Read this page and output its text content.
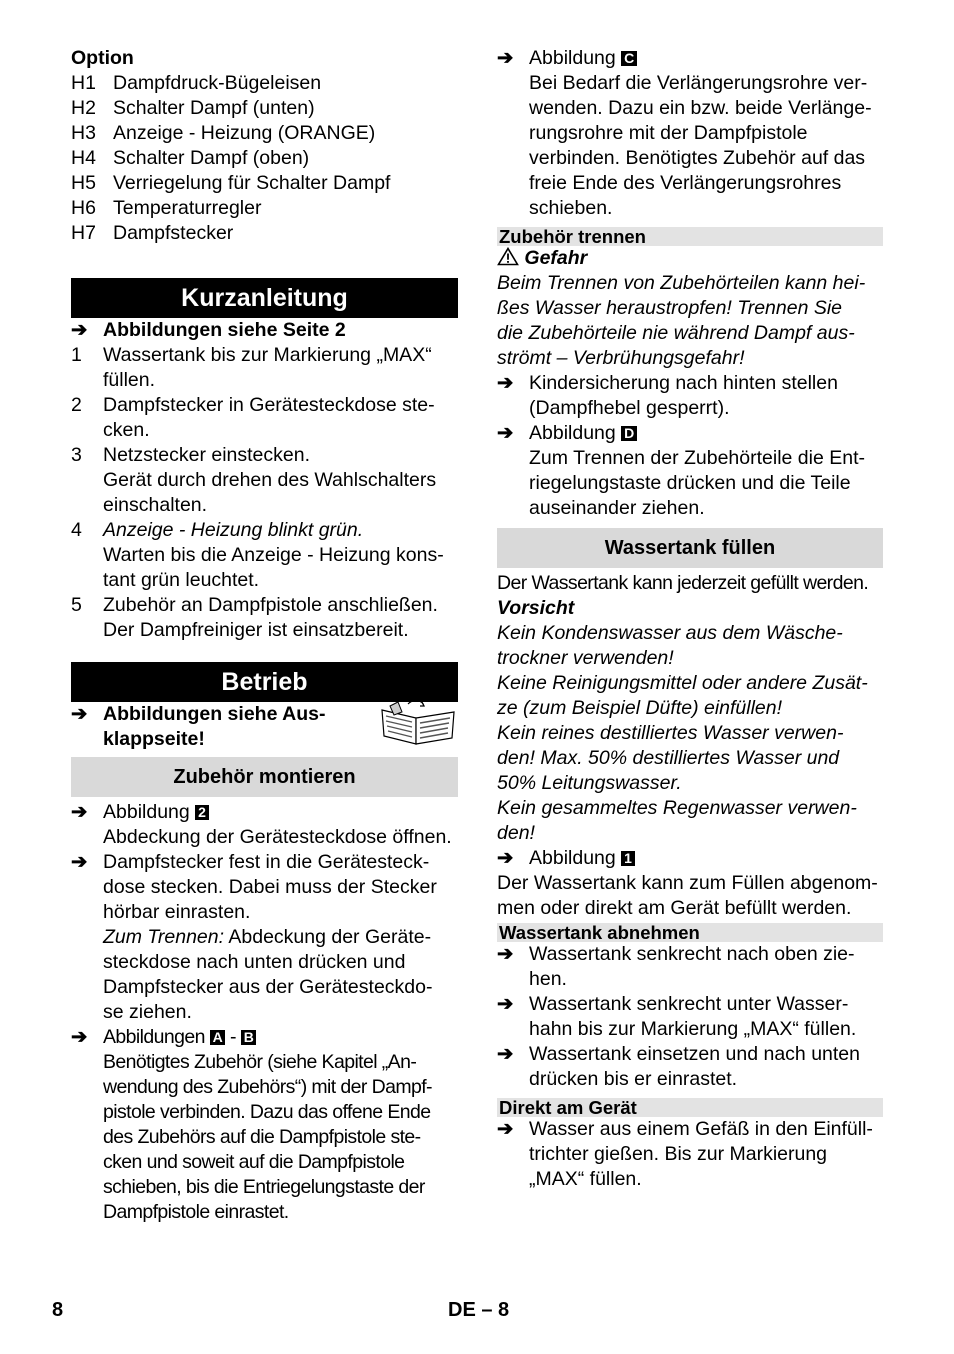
Option

H1 Dampfdruck-Bügeleisen
H2 Schalter Dampf (unten)
H3 Anzeige - Heizung (ORANGE)
H4 Schalter Dampf (oben)
H5 Verriegelung für Schalter Dampf
H6 Temperaturregler
H7 Dampfstecker
Kurzanleitung
➔ Abbildungen siehe Seite 2
1	Wassertank bis zur Markierung „MAX“
füllen.
2	Dampfstecker in Gerätesteckdose ste-
cken.
3	Netzstecker einstecken.
Gerät durch drehen des Wahlschalters
einschalten.
4	Anzeige - Heizung blinkt grün.
Warten bis die Anzeige - Heizung kons-
tant grün leuchtet.
5	Zubehör an Dampfpistole anschließen.
Der Dampfreiniger ist einsatzbereit.
Betrieb
➔ Abbildungen siehe Aus-
klappseite!
Zubehör montieren
➔ Abbildung 2
Abdeckung der Gerätesteckdose öffnen.
➔ Dampfstecker fest in die Gerätesteck-
dose stecken. Dabei muss der Stecker
hörbar einrasten.
Zum Trennen: Abdeckung der Geräte-
steckdose nach unten drücken und
Dampfstecker aus der Gerätesteckdo-
se ziehen.
➔ Abbildungen A - B
Benötigtes Zubehör (siehe Kapitel „An-
wendung des Zubehörs“) mit der Dampf-
pistole verbinden. Dazu das offene Ende
des Zubehörs auf die Dampfpistole ste-
cken und soweit auf die Dampfpistole
schieben, bis die Entriegelungstaste der
Dampfpistole einrastet.
➔ Abbildung C
Bei Bedarf die Verlängerungsrohre ver-
wenden. Dazu ein bzw. beide Verlänge-
rungsrohre mit der Dampfpistole
verbinden. Benötigtes Zubehör auf das
freie Ende des Verlängerungsrohres
schieben.
Zubehör trennen
Gefahr
Beim Trennen von Zubehörteilen kann hei-
ßes Wasser heraustropfen! Trennen Sie
die Zubehörteile nie während Dampf aus-
strömt – Verbrühungsgefahr!
➔ Kindersicherung nach hinten stellen
(Dampfhebel gesperrt).
➔ Abbildung D
Zum Trennen der Zubehörteile die Ent-
riegelungstaste drücken und die Teile
auseinander ziehen.
Wassertank füllen

Der Wassertank kann jederzeit gefüllt werden.

Vorsicht

Kein Kondenswasser aus dem Wäsche-
trockner verwenden!
Keine Reinigungsmittel oder andere Zusät-
ze (zum Beispiel Düfte) einfüllen!
Kein reines destilliertes Wasser verwen-
den! Max. 50% destilliertes Wasser und
50% Leitungswasser.
Kein gesammeltes Regenwasser verwen-
den!
➔ Abbildung 1
Der Wassertank kann zum Füllen abgenom-
men oder direkt am Gerät befüllt werden.
Wassertank abnehmen
➔ Wassertank senkrecht nach oben zie-
hen.
➔ Wassertank senkrecht unter Wasser-
hahn bis zur Markierung „MAX“ füllen.
➔ Wassertank einsetzen und nach unten
drücken bis er einrastet.
Direkt am Gerät
➔ Wasser aus einem Gefäß in den Einfüll-
trichter gießen. Bis zur Markierung
„MAX“ füllen.
8	DE – 8
